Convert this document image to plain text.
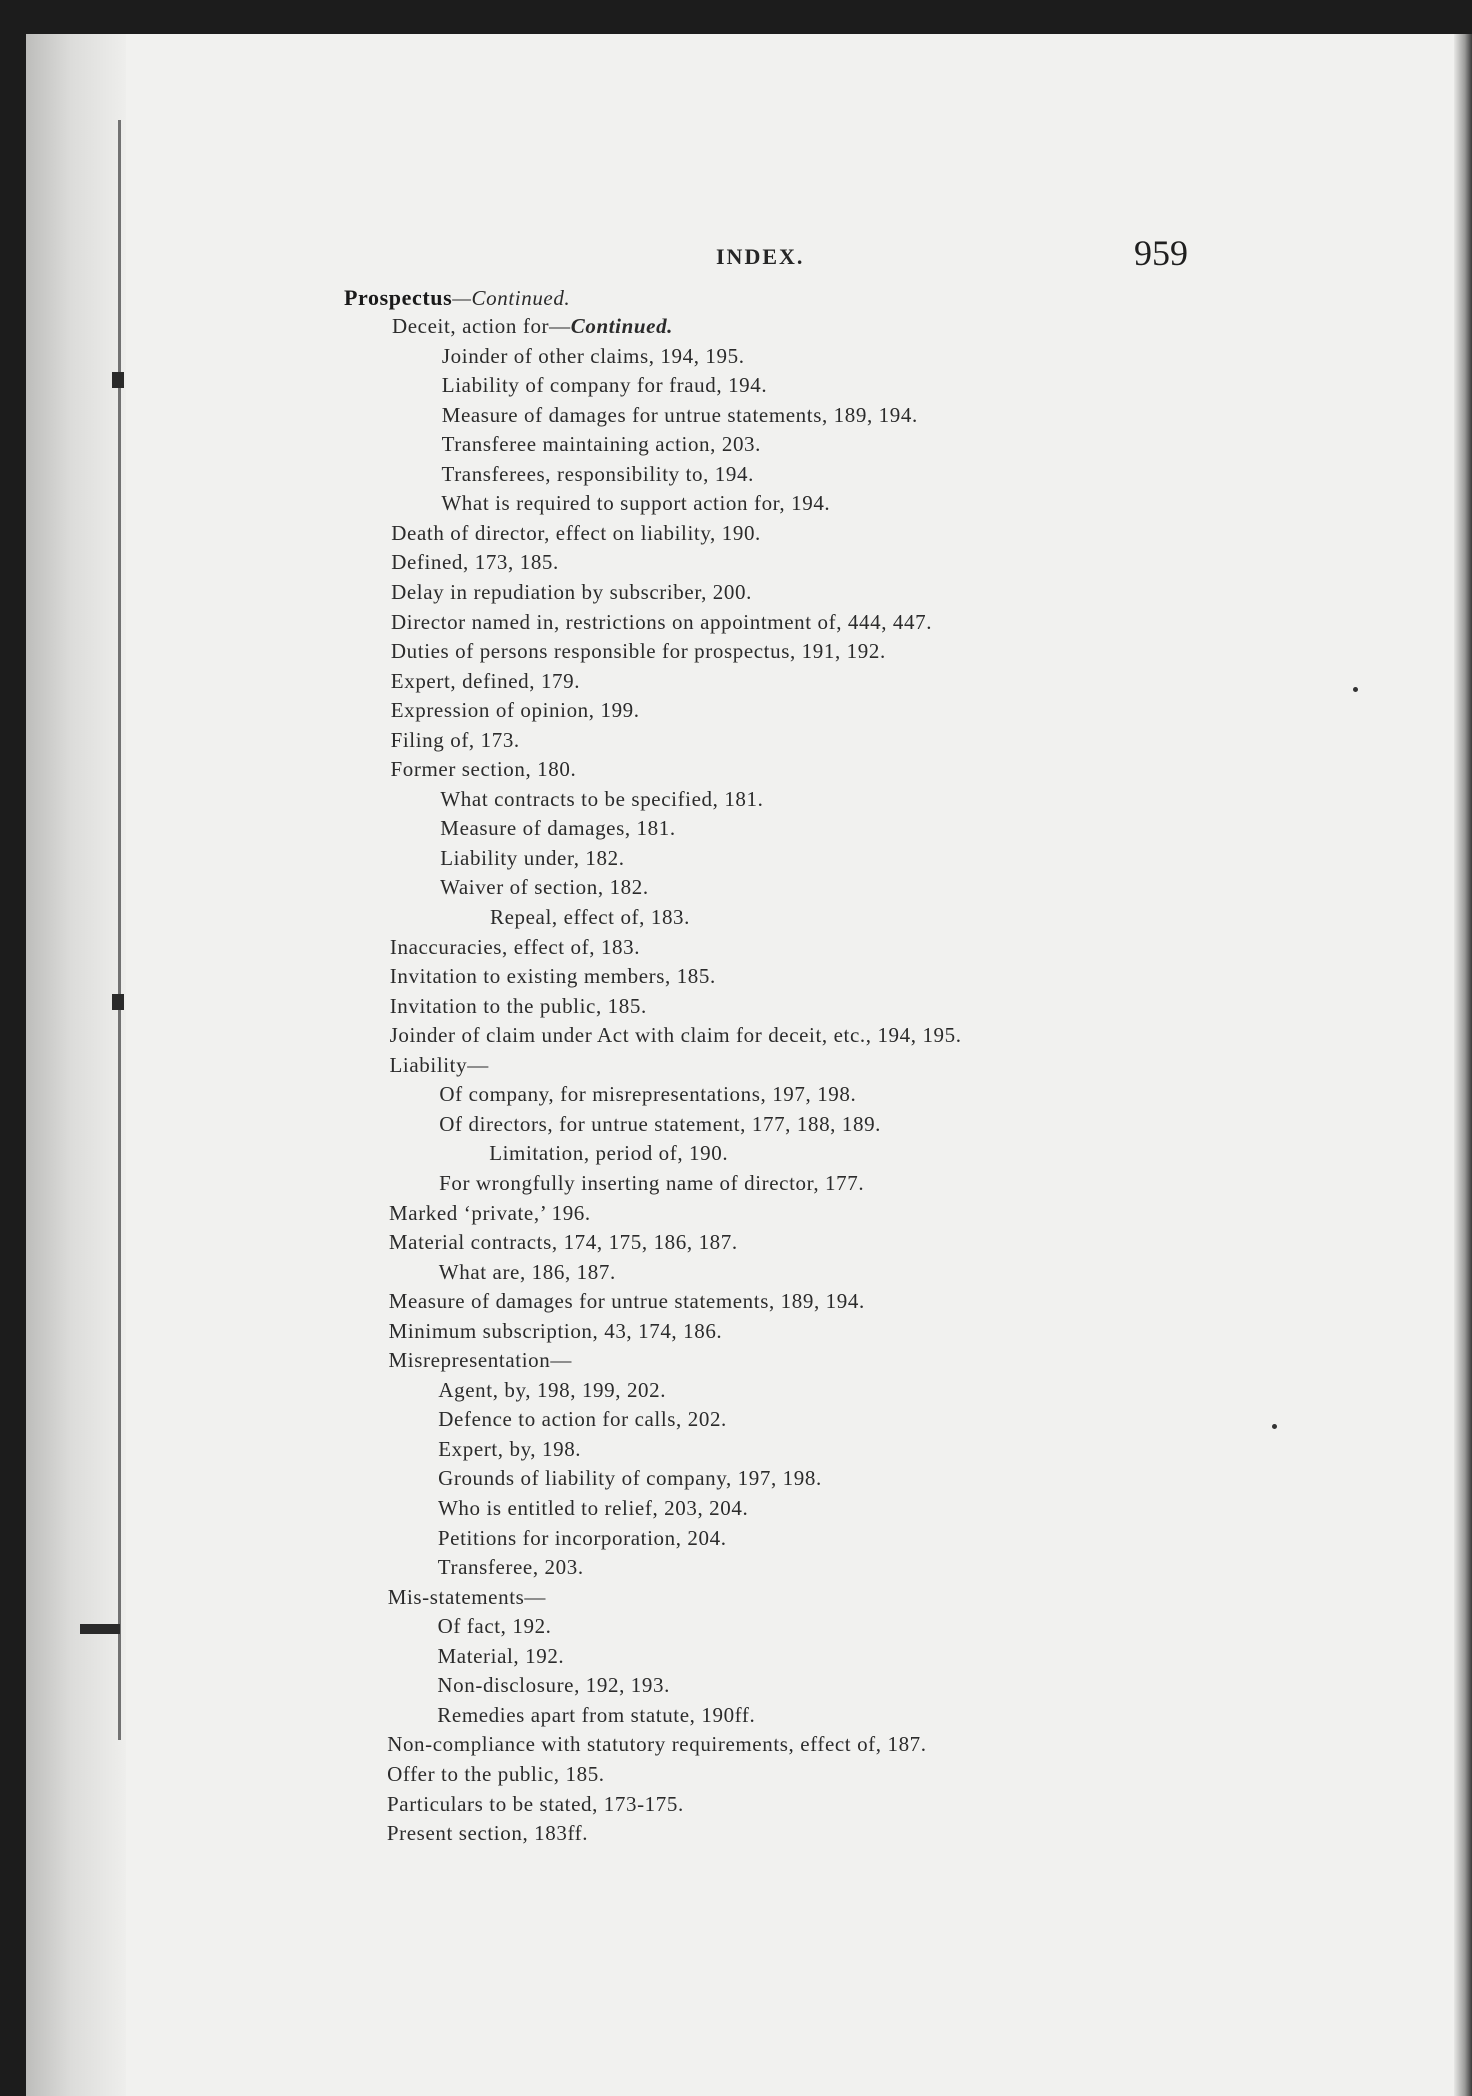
INDEX.	959
Prospectus—Continued.
Deceit, action for—Continued.
Joinder of other claims, 194, 195.
Liability of company for fraud, 194.
Measure of damages for untrue statements, 189, 194.
Transferee maintaining action, 203.
Transferees, responsibility to, 194.
What is required to support action for, 194.
Death of director, effect on liability, 190.
Defined, 173, 185.
Delay in repudiation by subscriber, 200.
Director named in, restrictions on appointment of, 444, 447.
Duties of persons responsible for prospectus, 191, 192.
Expert, defined, 179.
Expression of opinion, 199.
Filing of, 173.
Former section, 180.
What contracts to be specified, 181.
Measure of damages, 181.
Liability under, 182.
Waiver of section, 182.
Repeal, effect of, 183.
Inaccuracies, effect of, 183.
Invitation to existing members, 185.
Invitation to the public, 185.
Joinder of claim under Act with claim for deceit, etc., 194, 195.
Liability—
Of company, for misrepresentations, 197, 198.
Of directors, for untrue statement, 177, 188, 189.
Limitation, period of, 190.
For wrongfully inserting name of director, 177.
Marked ‘private,’ 196.
Material contracts, 174, 175, 186, 187.
What are, 186, 187.
Measure of damages for untrue statements, 189, 194.
Minimum subscription, 43, 174, 186.
Misrepresentation—
Agent, by, 198, 199, 202.
Defence to action for calls, 202.
Expert, by, 198.
Grounds of liability of company, 197, 198.
Who is entitled to relief, 203, 204.
Petitions for incorporation, 204.
Transferee, 203.
Mis-statements—
Of fact, 192.
Material, 192.
Non-disclosure, 192, 193.
Remedies apart from statute, 190ff.
Non-compliance with statutory requirements, effect of, 187.
Offer to the public, 185.
Particulars to be stated, 173-175.
Present section, 183ff.
